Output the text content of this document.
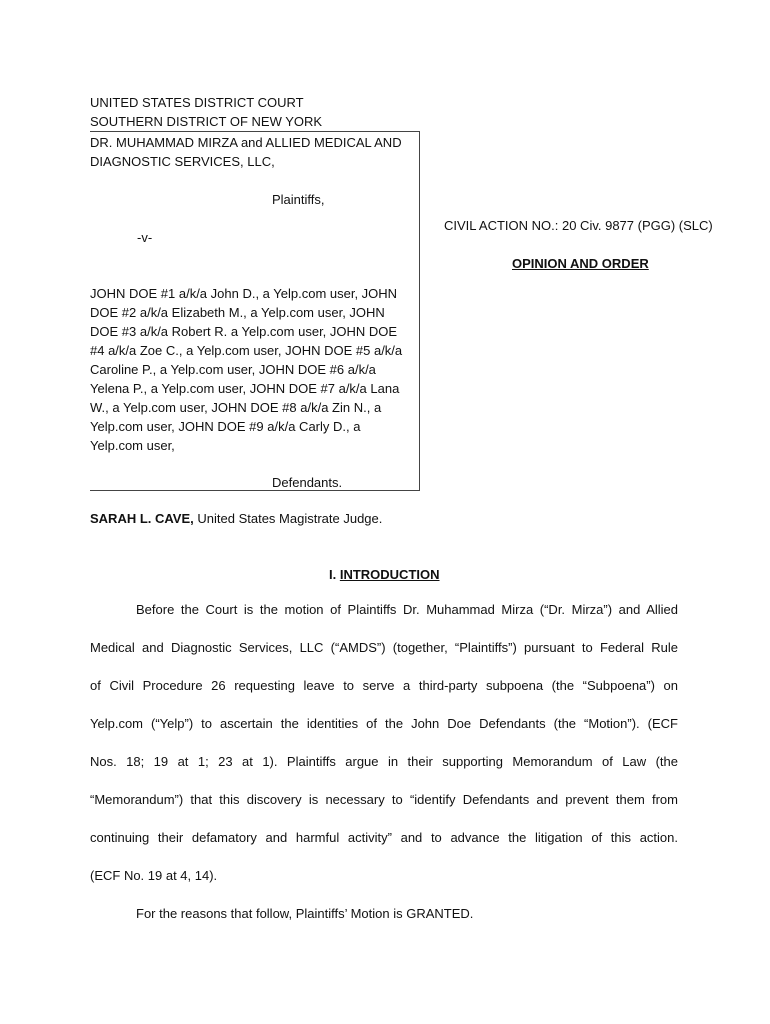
UNITED STATES DISTRICT COURT
SOUTHERN DISTRICT OF NEW YORK
DR. MUHAMMAD MIRZA and ALLIED MEDICAL AND
DIAGNOSTIC SERVICES, LLC,
Plaintiffs,
-v-
JOHN DOE #1 a/k/a John D., a Yelp.com user, JOHN
DOE #2 a/k/a Elizabeth M., a Yelp.com user, JOHN
DOE #3 a/k/a Robert R. a Yelp.com user, JOHN DOE
#4 a/k/a Zoe C., a Yelp.com user, JOHN DOE #5 a/k/a
Caroline P., a Yelp.com user, JOHN DOE #6 a/k/a
Yelena P., a Yelp.com user, JOHN DOE #7 a/k/a Lana
W., a Yelp.com user, JOHN DOE #8 a/k/a Zin N., a
Yelp.com user, JOHN DOE #9 a/k/a Carly D., a
Yelp.com user,
Defendants.
CIVIL ACTION NO.: 20 Civ. 9877 (PGG) (SLC)
OPINION AND ORDER
SARAH L. CAVE, United States Magistrate Judge.
I. INTRODUCTION
Before the Court is the motion of Plaintiffs Dr. Muhammad Mirza (“Dr. Mirza”) and Allied
Medical and Diagnostic Services, LLC (“AMDS”) (together, “Plaintiffs”) pursuant to Federal Rule
of Civil Procedure 26 requesting leave to serve a third-party subpoena (the “Subpoena”) on
Yelp.com (“Yelp”) to ascertain the identities of the John Doe Defendants (the “Motion”). (ECF
Nos. 18; 19 at 1; 23 at 1). Plaintiffs argue in their supporting Memorandum of Law (the
“Memorandum”) that this discovery is necessary to “identify Defendants and prevent them from
continuing their defamatory and harmful activity” and to advance the litigation of this action.
(ECF No. 19 at 4, 14).
For the reasons that follow, Plaintiffs’ Motion is GRANTED.
